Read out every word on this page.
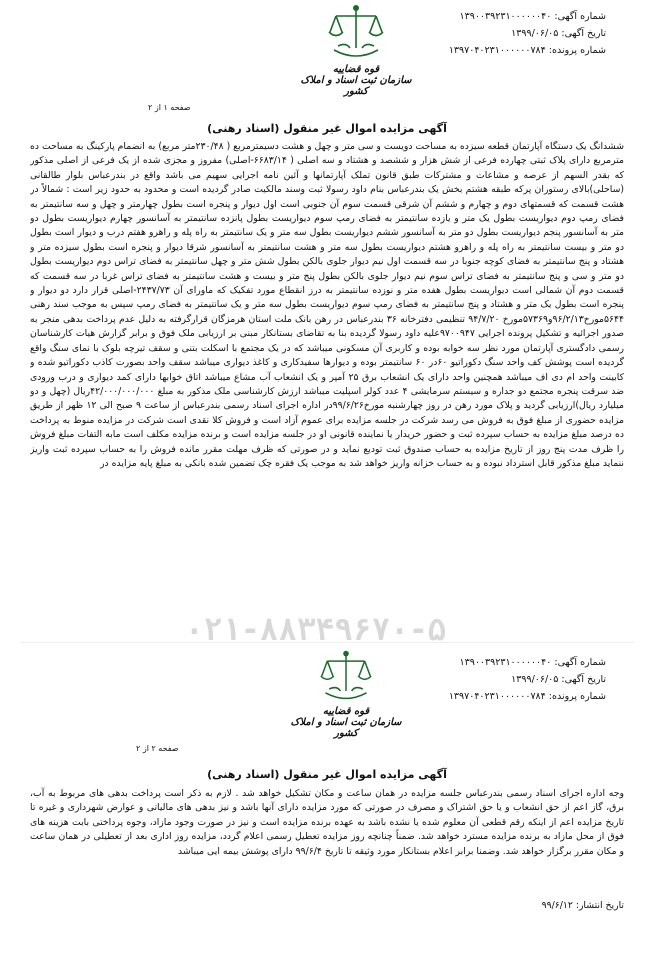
شماره آگهی: ۱۳۹۰۰۳۹۲۳۱۰۰۰۰۰۰۴۰
تاریخ آگهی: ۱۳۹۹/۰۶/۰۵
شماره پرونده: ۱۳۹۷۰۴۰۲۳۱۰۰۰۰۰۰۷۸۴
قوه قضاییه
سازمان ثبت اسناد و املاک کشور
صفحه ۱ از ۲
آگهی مزایده اموال غیر منقول (اسناد رهنی)
۰۲۱-۸۸۳۴۹۶۷۰-۵
ششدانگ یک دستگاه آپارتمان قطعه سیزده به مساحت دویست و سی متر و چهل و هشت دسیمترمربع ( ۲۳۰/۴۸متر مربع) به انضمام پارکینگ به مساحت ده مترمربع دارای پلاک ثبتی چهارده فرعی از شش هزار و ششصد و هشتاد و سه اصلی ( ۶۶۸۳/۱۴-اصلی) مفروز و مجزی شده از یک فرعی از اصلی مذکور که بقدر السهم از عرصه و مشاعات و مشترکات طبق قانون تملک آپارتمانها و آئین نامه اجرایی سهیم می باشد واقع در بندرعباس بلوار طالقانی (ساحلی)بالای رستوران پرکه طبقه هشتم بخش یک بندرعباس بنام داود رسولا ثبت وسند مالکیت صادر گردیده است و محدود به حدود زیر است : شمالاً در هشت قسمت که قسمتهای دوم و چهارم و ششم آن شرقی قسمت سوم آن جنوبی است اول دیوار و پنجره است بطول چهارمتر و چهل و سه سانتیمتر به فضای رمپ دوم دیواریست بطول یک متر و یازده سانتیمتر به فضای رمپ سوم دیواریست بطول پانزده سانتیمتر به آسانسور چهارم دیواریست بطول دو متر به آسانسور پنجم دیواریست بطول دو متر به آسانسور ششم دیواریست بطول سه متر و یک سانتیمتر به راه پله و راهرو هفتم درب و دیوار است بطول دو متر و بیست سانتیمتر به راه پله و راهرو هشتم دیواریست بطول سه متر و هشت سانتیمتر به آسانسور شرقا دیوار و پنجره است بطول سیزده متر و هشتاد و پنج سانتیمتر به فضای کوچه جنوبا در سه قسمت اول نیم دیوار جلوی بالکن بطول شش متر و چهل سانتیمتر به فضای تراس دوم دیواریست بطول دو متر و سی و پنج سانتیمتر به فضای تراس سوم نیم دیوار جلوی بالکن بطول پنج متر و بیست و هشت سانتیمتر به فضای تراس غربا در سه قسمت که قسمت دوم آن شمالی است دیواریست بطول هفده متر و نوزده سانتیمتر به درز انقطاع مورد تفکیک که ماورای آن ۲۴۳۷/۷۳-اصلی قرار دارد دو دیوار و پنجره است بطول یک متر و هشتاد و پنج سانتیمتر به فضای رمپ سوم دیواریست بطول سه متر و یک سانتیمتر به فضای رمپ سپس به موجب سند رهنی ۵۶۴۴مورخ۹۶/۲/۱۳و۵۷۳۶۹مورخ ۹۴/۷/۲۰ تنظیمی دفترخانه ۳۶ بندرعباس در رهن بانک ملت استان هرمزگان قرارگرفته به دلیل عدم پرداخت بدهی منجر به صدور اجرائیه و تشکیل پرونده اجرایی ۹۷۰۰۹۴۷علیه داود رسولا گردیده بنا به تقاضای بستانکار مبنی بر ارزیابی ملک فوق و برابر گزارش هیات کارشناسان رسمی دادگستری آپارتمان مورد نظر سه خوابه بوده و کاربری آن مسکونی میباشد که در یک مجتمع با اسکلت بتنی و سقف تیرچه بلوک با نمای سنگ واقع گردیده است پوشش کف واحد سنگ دکوراتیو ۶۰در ۶۰ سانتیمتر بوده و دیوارها سفیدکاری و کاغذ دیواری میباشد سقف واحد بصورت کاذب دکوراتیو شده و کابینت واحد ام دی اف میباشد همچنین واحد دارای یک انشعاب برق ۲۵ آمپر و یک انشعاب آب مشاع میباشد اتاق خوابها دارای کمد دیواری و درب ورودی ضد سرقت پنجره مجتمع دو جداره و سیستم سرمایشی ۴ عدد کولر اسپلیت میباشد ارزش کارشناسی ملک مذکور به مبلغ ۴۲/۰۰۰/۰۰۰/۰۰۰ریال (چهل و دو میلیارد ریال)ارزیابی گردید و پلاک مورد رهن در روز چهارشنبه مورخ۹۹/۶/۲۶در اداره اجرای اسناد رسمی بندرعباس از ساعت ۹ صبح الی ۱۲ ظهر از طریق مزایده حضوری از مبلغ فوق به فروش می رسد شرکت در جلسه مزایده برای عموم آزاد است و فروش کلا نقدی است شرکت در مزایده منوط به پرداخت ده درصد مبلغ مزایده به حساب سپرده ثبت و حضور خریدار یا نماینده قانونی او در جلسه مزایده است و برنده مزایده مکلف است مابه التفات مبلغ فروش را ظرف مدت پنج روز از تاریخ مزایده به حساب صندوق ثبت تودیع نماید و در صورتی که ظرف مهلت مقرر مانده فروش را به حساب سپرده ثبت واریز ننماید مبلغ مذکور قابل استرداد نبوده و به حساب خزانه واریز خواهد شد به موجب یک فقره چک تضمین شده بانکی به مبلغ پایه مزایده در
شماره آگهی: ۱۳۹۰۰۳۹۲۳۱۰۰۰۰۰۰۴۰
تاریخ آگهی: ۱۳۹۹/۰۶/۰۵
شماره پرونده: ۱۳۹۷۰۴۰۲۳۱۰۰۰۰۰۰۷۸۴
قوه قضاییه
سازمان ثبت اسناد و املاک کشور
صفحه ۲ از ۲
آگهی مزایده اموال غیر منقول (اسناد رهنی)
وجه اداره اجرای اسناد رسمی بندرعباس جلسه مزایده در همان ساعت و مکان تشکیل خواهد شد . لازم به ذکر است پرداخت بدهی های مربوط به آب، برق، گاز اعم از حق انشعاب و یا حق اشتراک و مصرف در صورتی که مورد مزایده دارای آنها باشد و نیز بدهی های مالیاتی و عوارض شهرداری و غیره تا تاریخ مزایده اعم از اینکه رقم قطعی آن معلوم شده یا نشده باشد به عهده برنده مزایده است و نیز در صورت وجود مازاد، وجوه پرداختی بابت هزینه های فوق از محل مازاد به برنده مزایده مسترد خواهد شد. ضمناً چنانچه روز مزایده تعطیل رسمی اعلام گردد، مزایده روز اداری بعد از تعطیلی در همان ساعت و مکان مقرر برگزار خواهد شد. وضمنا برابر اعلام بستانکار مورد وثیقه تا تاریخ ۹۹/۶/۴ دارای پوشش بیمه ایی میباشد
تاریخ انتشار: ۹۹/۶/۱۲
